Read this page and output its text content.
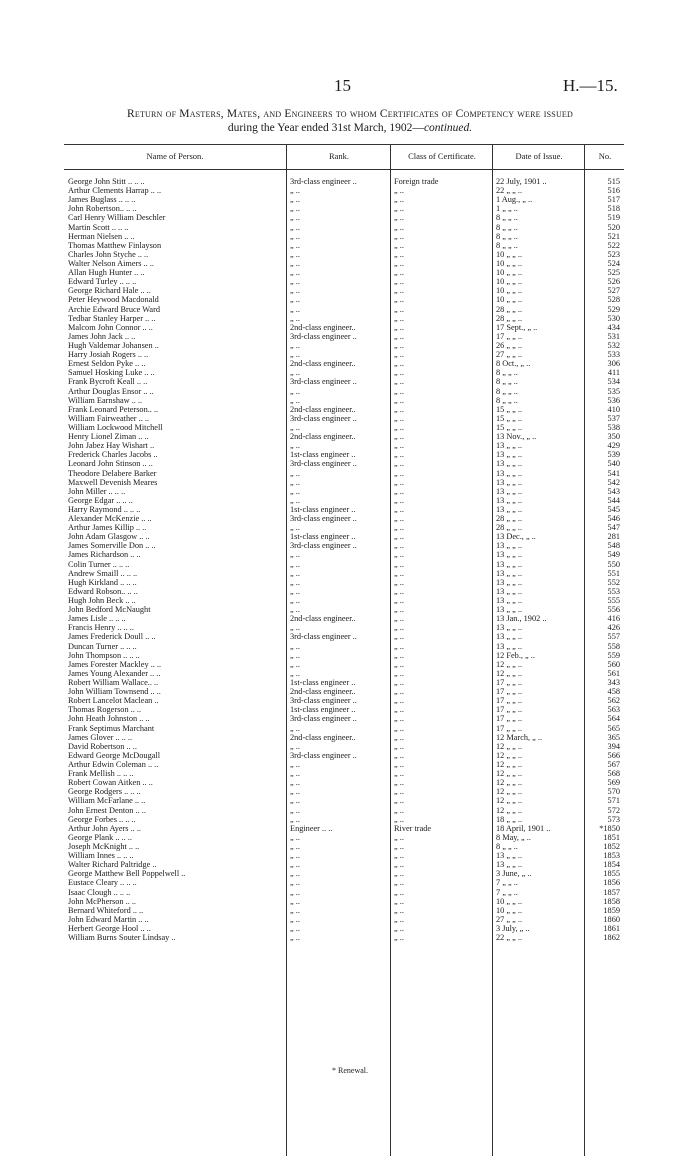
15	H.—15.
Return of Masters, Mates, and Engineers to whom Certificates of Competency were issued
during the Year ended 31st March, 1902—continued.
Name of Person.	Rank.	Class of Certificate.	Date of Issue.	No.
George John Stitt .. .. ..	3rd-class engineer ..	Foreign trade	22 July, 1901 ..	515
Arthur Clements Harrap .. ..	„ ..	„ ..	22 „ „ ..	516
James Buglass .. .. ..	„ ..	„ ..	1 Aug., „ ..	517
John Robertson.. .. ..	„ ..	„ ..	1 „ „ ..	518
Carl Henry William Deschler	„ ..	„ ..	8 „ „ ..	519
Martin Scott .. .. ..	„ ..	„ ..	8 „ „ ..	520
Herman Nielsen .. ..	„ ..	„ ..	8 „ „ ..	521
Thomas Matthew Finlayson	„ ..	„ ..	8 „ „ ..	522
Charles John Styche .. ..	„ ..	„ ..	10 „ „ ..	523
Walter Nelson Aimers .. ..	„ ..	„ ..	10 „ „ ..	524
Allan Hugh Hunter .. ..	„ ..	„ ..	10 „ „ ..	525
Edward Turley .. .. ..	„ ..	„ ..	10 „ „ ..	526
George Richard Hale .. ..	„ ..	„ ..	10 „ „ ..	527
Peter Heywood Macdonald	„ ..	„ ..	10 „ „ ..	528
Archie Edward Bruce Ward	„ ..	„ ..	28 „ „ ..	529
Tedbar Stanley Harper .. ..	„ ..	„ ..	28 „ „ ..	530
Malcom John Connor .. ..	2nd-class engineer..	„ ..	17 Sept., „ ..	434
James John Jack .. ..	3rd-class engineer ..	„ ..	17 „ „ ..	531
Hugh Valdemar Johansen ..	„ ..	„ ..	26 „ „ ..	532
Harry Josiah Rogers .. ..	„ ..	„ ..	27 „ „ ..	533
Ernest Seldon Pyke .. ..	2nd-class engineer..	„ ..	8 Oct., „ ..	306
Samuel Hosking Luke .. ..	„ ..	„ ..	8 „ „ ..	411
Frank Bycroft Keall .. ..	3rd-class engineer ..	„ ..	8 „ „ ..	534
Arthur Douglas Ensor .. ..	„ ..	„ ..	8 „ „ ..	535
William Earnshaw .. ..	„ ..	„ ..	8 „ „ ..	536
Frank Leonard Peterson.. ..	2nd-class engineer..	„ ..	15 „ „ ..	410
William Fairweather .. ..	3rd-class engineer ..	„ ..	15 „ „ ..	537
William Lockwood Mitchell	„ ..	„ ..	15 „ „ ..	538
Henry Lionel Ziman .. ..	2nd-class engineer..	„ ..	13 Nov., „ ..	350
John Jabez Hay Wishart ..	„ ..	„ ..	13 „ „ ..	429
Frederick Charles Jacobs ..	1st-class engineer ..	„ ..	13 „ „ ..	539
Leonard John Stinson .. ..	3rd-class engineer ..	„ ..	13 „ „ ..	540
Theodore Delabere Barker	„ ..	„ ..	13 „ „ ..	541
Maxwell Devenish Meares	„ ..	„ ..	13 „ „ ..	542
John Miller .. .. ..	„ ..	„ ..	13 „ „ ..	543
George Edgar .. .. ..	„ ..	„ ..	13 „ „ ..	544
Harry Raymond .. .. ..	1st-class engineer ..	„ ..	13 „ „ ..	545
Alexander McKenzie .. ..	3rd-class engineer ..	„ ..	28 „ „ ..	546
Arthur James Killip .. ..	„ ..	„ ..	28 „ „ ..	547
John Adam Glasgow .. ..	1st-class engineer ..	„ ..	13 Dec., „ ..	281
James Somerville Don .. ..	3rd-class engineer ..	„ ..	13 „ „ ..	548
James Richardson .. ..	„ ..	„ ..	13 „ „ ..	549
Colin Turner .. .. ..	„ ..	„ ..	13 „ „ ..	550
Andrew Smaill .. .. ..	„ ..	„ ..	13 „ „ ..	551
Hugh Kirkland .. .. ..	„ ..	„ ..	13 „ „ ..	552
Edward Robson.. .. ..	„ ..	„ ..	13 „ „ ..	553
Hugh John Beck .. ..	„ ..	„ ..	13 „ „ ..	555
John Bedford McNaught	„ ..	„ ..	13 „ „ ..	556
James Lisle .. .. ..	2nd-class engineer..	„ ..	13 Jan., 1902 ..	416
Francis Henry .. .. ..	„ ..	„ ..	13 „ „ ..	426
James Frederick Doull .. ..	3rd-class engineer ..	„ ..	13 „ „ ..	557
Duncan Turner .. .. ..	„ ..	„ ..	13 „ „ ..	558
John Thompson .. .. ..	„ ..	„ ..	12 Feb., „ ..	559
James Forester Mackley .. ..	„ ..	„ ..	12 „ „ ..	560
James Young Alexander .. ..	„ ..	„ ..	12 „ „ ..	561
Robert William Wallace.. ..	1st-class engineer ..	„ ..	17 „ „ ..	343
John William Townsend .. ..	2nd-class engineer..	„ ..	17 „ „ ..	458
Robert Lancelot Maclean ..	3rd-class engineer ..	„ ..	17 „ „ ..	562
Thomas Rogerson .. ..	1st-class engineer ..	„ ..	17 „ „ ..	563
John Heath Johnston .. ..	3rd-class engineer ..	„ ..	17 „ „ ..	564
Frank Septimus Marchant	„ ..	„ ..	17 „ „ ..	565
James Glover .. .. ..	2nd-class engineer..	„ ..	12 March, „ ..	365
David Robertson .. ..	„ ..	„ ..	12 „ „ ..	394
Edward George McDougall	3rd-class engineer ..	„ ..	12 „ „ ..	566
Arthur Edwin Coleman .. ..	„ ..	„ ..	12 „ „ ..	567
Frank Mellish .. .. ..	„ ..	„ ..	12 „ „ ..	568
Robert Cowan Aitken .. ..	„ ..	„ ..	12 „ „ ..	569
George Rodgers .. .. ..	„ ..	„ ..	12 „ „ ..	570
William McFarlane .. ..	„ ..	„ ..	12 „ „ ..	571
John Ernest Denton .. ..	„ ..	„ ..	12 „ „ ..	572
George Forbes .. .. ..	„ ..	„ ..	18 „ „ ..	573
Arthur John Ayers .. ..	Engineer .. ..	River trade	18 April, 1901 ..	*1850
George Plank .. .. ..	„ ..	„ ..	8 May, „ ..	1851
Joseph McKnight .. ..	„ ..	„ ..	8 „ „ ..	1852
William Innes .. .. ..	„ ..	„ ..	13 „ „ ..	1853
Walter Richard Paltridge ..	„ ..	„ ..	13 „ „ ..	1854
George Matthew Bell Poppelwell ..	„ ..	„ ..	3 June, „ ..	1855
Eustace Cleary .. .. ..	„ ..	„ ..	7 „ „ ..	1856
Isaac Clough .. .. ..	„ ..	„ ..	7 „ „ ..	1857
John McPherson .. ..	„ ..	„ ..	10 „ „ ..	1858
Bernard Whiteford .. ..	„ ..	„ ..	10 „ „ ..	1859
John Edward Martin .. ..	„ ..	„ ..	27 „ „ ..	1860
Herbert George Hool .. ..	„ ..	„ ..	3 July, „ ..	1861
William Burns Souter Lindsay ..	„ ..	„ ..	22 „ „ ..	1862
* Renewal.
